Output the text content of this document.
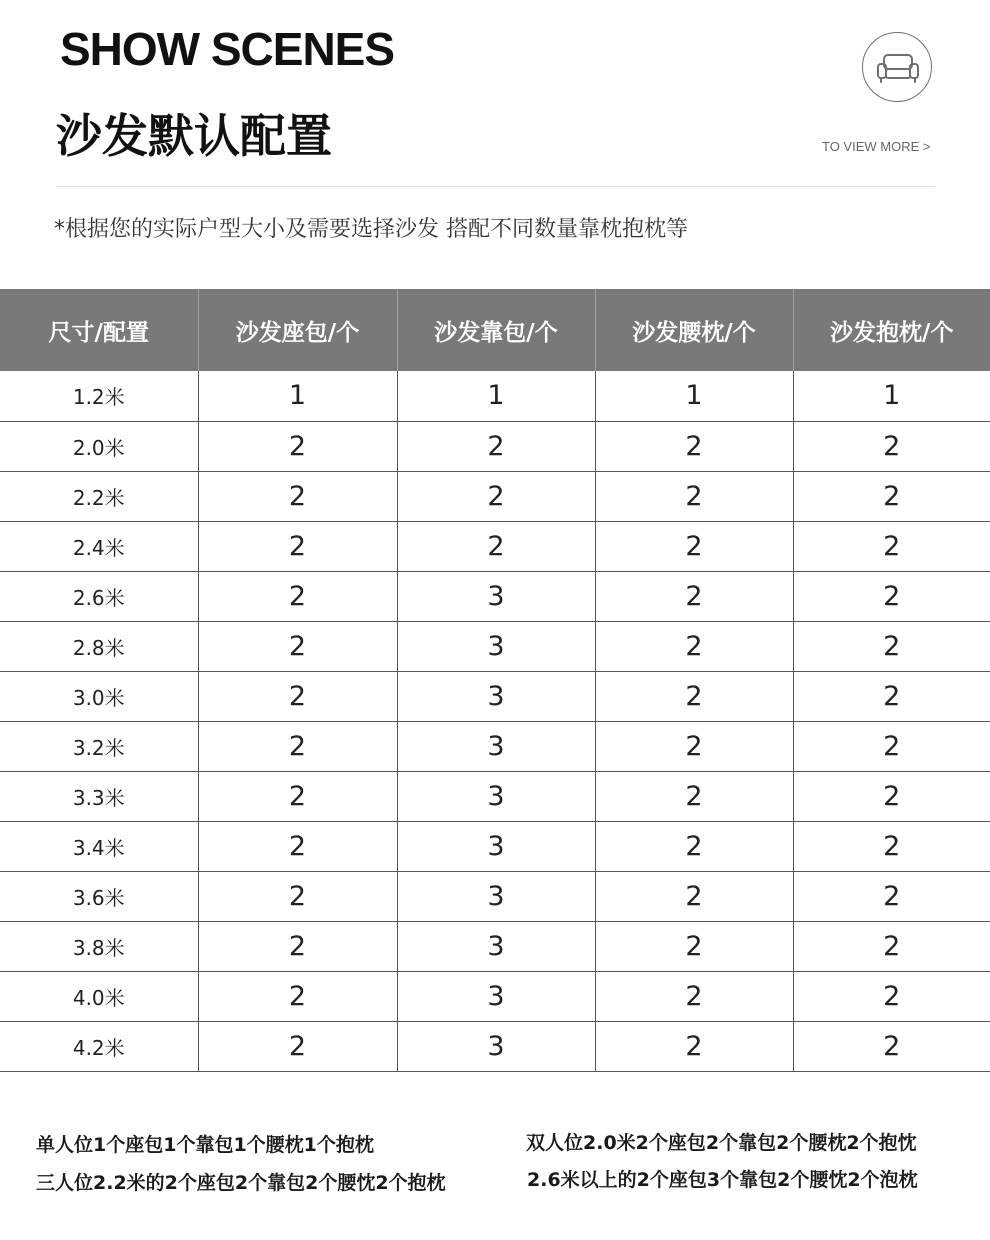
SHOW SCENES
沙发默认配置	TO VIEW MORE >
*根据您的实际户型大小及需要选择沙发 搭配不同数量靠枕抱枕等
尺寸/配置	沙发座包/个	沙发靠包/个	沙发腰枕/个	沙发抱枕/个
1.2米	1	1	1	1
2.0米	2	2	2	2
2.2米	2	2	2	2
2.4米	2	2	2	2
2.6米	2	3	2	2
2.8米	2	3	2	2
3.0米	2	3	2	2
3.2米	2	3	2	2
3.3米	2	3	2	2
3.4米	2	3	2	2
3.6米	2	3	2	2
3.8米	2	3	2	2
4.0米	2	3	2	2
4.2米	2	3	2	2
单人位1个座包1个靠包1个腰枕1个抱枕	双人位2.0米2个座包2个靠包2个腰枕2个抱忱
三人位2.2米的2个座包2个靠包2个腰忱2个抱枕	2.6米以上的2个座包3个靠包2个腰忱2个泡枕
